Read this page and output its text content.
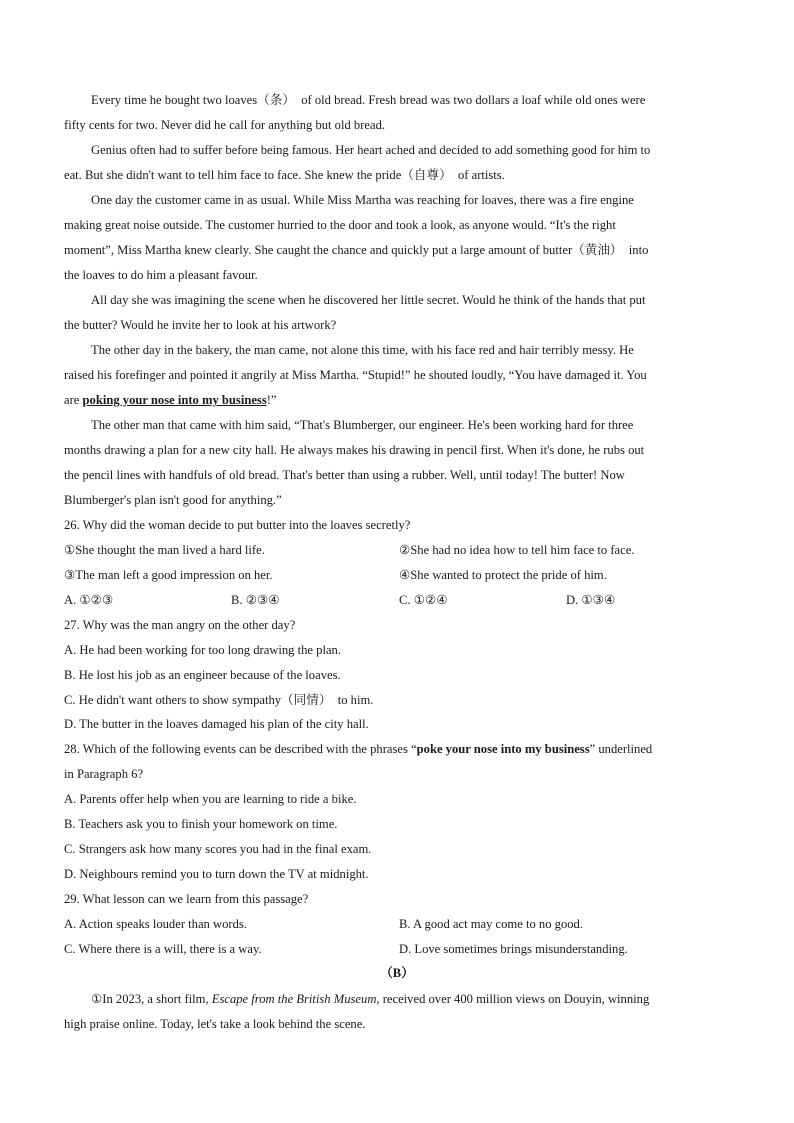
Every time he bought two loaves（条）  of old bread. Fresh bread was two dollars a loaf while old ones were
fifty cents for two. Never did he call for anything but old bread.
Genius often had to suffer before being famous. Her heart ached and decided to add something good for him to
eat. But she didn't want to tell him face to face. She knew the pride（自尊）  of artists.
One day the customer came in as usual. While Miss Martha was reaching for loaves, there was a fire engine
making great noise outside. The customer hurried to the door and took a look, as anyone would. “It's the right
moment”, Miss Martha knew clearly. She caught the chance and quickly put a large amount of butter（黄油）  into
the loaves to do him a pleasant favour.
All day she was imagining the scene when he discovered her little secret. Would he think of the hands that put
the butter? Would he invite her to look at his artwork?
The other day in the bakery, the man came, not alone this time, with his face red and hair terribly messy. He
raised his forefinger and pointed it angrily at Miss Martha. “Stupid!” he shouted loudly, “You have damaged it. You
are poking your nose into my business!”
The other man that came with him said, “That's Blumberger, our engineer. He's been working hard for three
months drawing a plan for a new city hall. He always makes his drawing in pencil first. When it's done, he rubs out
the pencil lines with handfuls of old bread. That's better than using a rubber. Well, until today! The butter! Now
Blumberger's plan isn't good for anything.”
26. Why did the woman decide to put butter into the loaves secretly?
①She thought the man lived a hard life.	②She had no idea how to tell him face to face.
③The man left a good impression on her.	④She wanted to protect the pride of him.
A. ①②③	B. ②③④	C. ①②④	D. ①③④
27. Why was the man angry on the other day?
A. He had been working for too long drawing the plan.
B. He lost his job as an engineer because of the loaves.
C. He didn't want others to show sympathy（同情）  to him.
D. The butter in the loaves damaged his plan of the city hall.
28. Which of the following events can be described with the phrases “poke your nose into my business” underlined
in Paragraph 6?
A. Parents offer help when you are learning to ride a bike.
B. Teachers ask you to finish your homework on time.
C. Strangers ask how many scores you had in the final exam.
D. Neighbours remind you to turn down the TV at midnight.
29. What lesson can we learn from this passage?
A. Action speaks louder than words.	B. A good act may come to no good.
C. Where there is a will, there is a way.	D. Love sometimes brings misunderstanding.
（B）
①In 2023, a short film, Escape from the British Museum, received over 400 million views on Douyin, winning
high praise online. Today, let's take a look behind the scene.
